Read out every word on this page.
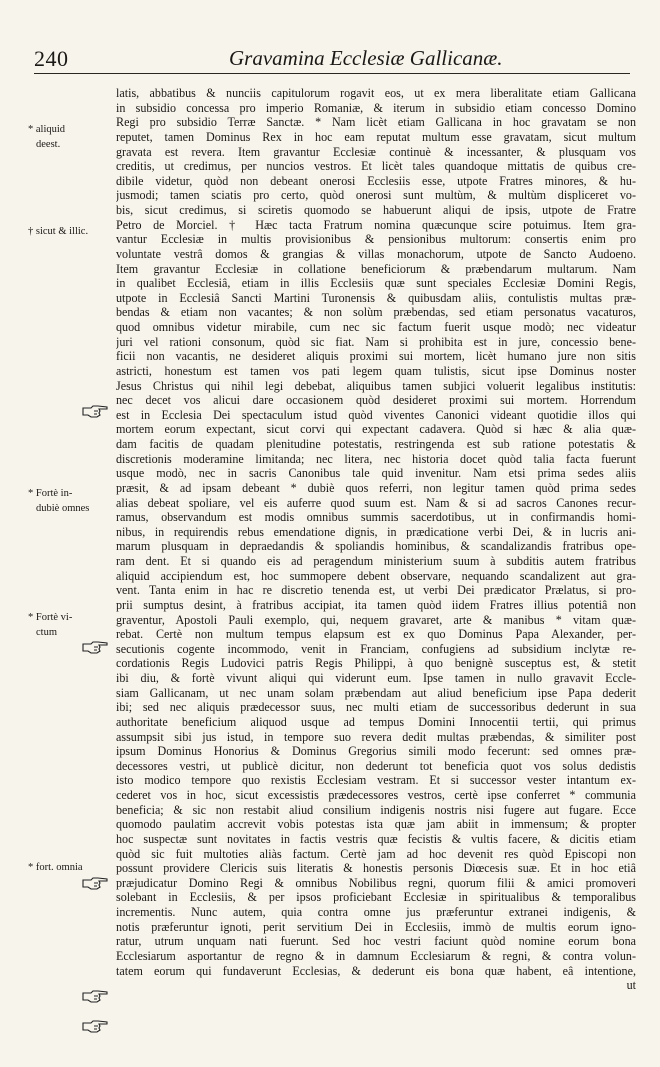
240	Gravamina Ecclesiæ Gallicanæ.
* aliquid
deest.
† sicut & illic.
* Fortè in-
dubiè omnes
* Fortè vi-
ctum
* fort. omnia
latis, abbatibus & nunciis capitulorum rogavit eos, ut ex mera liberalitate etiam Gallicana
in subsidio concessa pro imperio Romaniæ, & iterum in subsidio etiam concesso Domino
Regi pro subsidio Terræ Sanctæ. * Nam licèt etiam Gallicana in hoc gravatam se non
reputet, tamen Dominus Rex in hoc eam reputat multum esse gravatam, sicut multum
gravata est revera. Item gravantur Ecclesiæ continuè & incessanter, & plusquam vos
creditis, ut credimus, per nuncios vestros. Et licèt tales quandoque mittatis de quibus cre-
dibile videtur, quòd non debeant onerosi Ecclesiis esse, utpote Fratres minores, & hu-
jusmodi; tamen sciatis pro certo, quòd onerosi sunt multùm, & multùm displiceret vo-
bis, sicut credimus, si sciretis quomodo se habuerunt aliqui de ipsis, utpote de Fratre
Petro de Morciel. † Hæc tacta Fratrum nomina quæcunque scire potuimus. Item gra-
vantur Ecclesiæ in multis provisionibus & pensionibus multorum: consertis enim pro
voluntate vestrâ domos & grangias & villas monachorum, utpote de Sancto Audoeno.
Item gravantur Ecclesiæ in collatione beneficiorum & præbendarum multarum. Nam
in qualibet Ecclesiâ, etiam in illis Ecclesiis quæ sunt speciales Ecclesiæ Domini Regis,
utpote in Ecclesiâ Sancti Martini Turonensis & quibusdam aliis, contulistis multas præ-
bendas & etiam non vacantes; & non solùm præbendas, sed etiam personatus vacaturos,
quod omnibus videtur mirabile, cum nec sic factum fuerit usque modò; nec videatur
juri vel rationi consonum, quòd sic fiat. Nam si prohibita est in jure, concessio bene-
ficii non vacantis, ne desideret aliquis proximi sui mortem, licèt humano jure non sitis
astricti, honestum est tamen vos pati legem quam tulistis, sicut ipse Dominus noster
Jesus Christus qui nihil legi debebat, aliquibus tamen subjici voluerit legalibus institutis:
nec decet vos alicui dare occasionem quòd desideret proximi sui mortem. Horrendum
est in Ecclesia Dei spectaculum istud quòd viventes Canonici videant quotidie illos qui
mortem eorum expectant, sicut corvi qui expectant cadavera. Quòd si hæc & alia quæ-
dam facitis de quadam plenitudine potestatis, restringenda est sub ratione potestatis &
discretionis moderamine limitanda; nec litera, nec historia docet quòd talia facta fuerunt
usque modò, nec in sacris Canonibus tale quid invenitur. Nam etsi prima sedes aliis
præsit, & ad ipsam debeant * dubiè quos referri, non legitur tamen quòd prima sedes
alias debeat spoliare, vel eis auferre quod suum est. Nam & si ad sacros Canones recur-
ramus, observandum est modis omnibus summis sacerdotibus, ut in confirmandis homi-
nibus, in requirendis rebus emendatione dignis, in prædicatione verbi Dei, & in lucris ani-
marum plusquam in depraedandis & spoliandis hominibus, & scandalizandis fratribus ope-
ram dent. Et si quando eis ad peragendum ministerium suum à subditis autem fratribus
aliquid accipiendum est, hoc summopere debent observare, nequando scandalizent aut gra-
vent. Tanta enim in hac re discretio tenenda est, ut verbi Dei prædicator Prælatus, si pro-
prii sumptus desint, à fratribus accipiat, ita tamen quòd iidem Fratres illius potentiâ non
graventur, Apostoli Pauli exemplo, qui, nequem gravaret, arte & manibus * vitam quæ-
rebat. Certè non multum tempus elapsum est ex quo Dominus Papa Alexander, per-
secutionis cogente incommodo, venit in Franciam, confugiens ad subsidium inclytæ re-
cordationis Regis Ludovici patris Regis Philippi, à quo benignè susceptus est, & stetit
ibi diu, & fortè vivunt aliqui qui viderunt eum. Ipse tamen in nullo gravavit Eccle-
siam Gallicanam, ut nec unam solam præbendam aut aliud beneficium ipse Papa dederit
ibi; sed nec aliquis prædecessor suus, nec multi etiam de successoribus dederunt in sua
authoritate beneficium aliquod usque ad tempus Domini Innocentii tertii, qui primus
assumpsit sibi jus istud, in tempore suo revera dedit multas præbendas, & similiter post
ipsum Dominus Honorius & Dominus Gregorius simili modo fecerunt: sed omnes præ-
decessores vestri, ut publicè dicitur, non dederunt tot beneficia quot vos solus dedistis
isto modico tempore quo rexistis Ecclesiam vestram. Et si successor vester intantum ex-
cederet vos in hoc, sicut excessistis prædecessores vestros, certè ipse conferret * communia
beneficia; & sic non restabit aliud consilium indigenis nostris nisi fugere aut fugare. Ecce
quomodo paulatim accrevit vobis potestas ista quæ jam abiit in immensum; & propter
hoc suspectæ sunt novitates in factis vestris quæ fecistis & vultis facere, & dicitis etiam
quòd sic fuit multoties aliàs factum. Certè jam ad hoc devenit res quòd Episcopi non
possunt providere Clericis suis literatis & honestis personis Diœcesis suæ. Et in hoc etiâ
præjudicatur Domino Regi & omnibus Nobilibus regni, quorum filii & amici promoveri
solebant in Ecclesiis, & per ipsos proficiebant Ecclesiæ in spiritualibus & temporalibus
incrementis. Nunc autem, quia contra omne jus præferuntur extranei indigenis, &
notis præferuntur ignoti, perit servitium Dei in Ecclesiis, immò de multis eorum igno-
ratur, utrum unquam nati fuerunt. Sed hoc vestri faciunt quòd nomine eorum bona
Ecclesiarum asportantur de regno & in damnum Ecclesiarum & regni, & contra volun-
tatem eorum qui fundaverunt Ecclesias, & dederunt eis bona quæ habent, eâ intentione,
ut
